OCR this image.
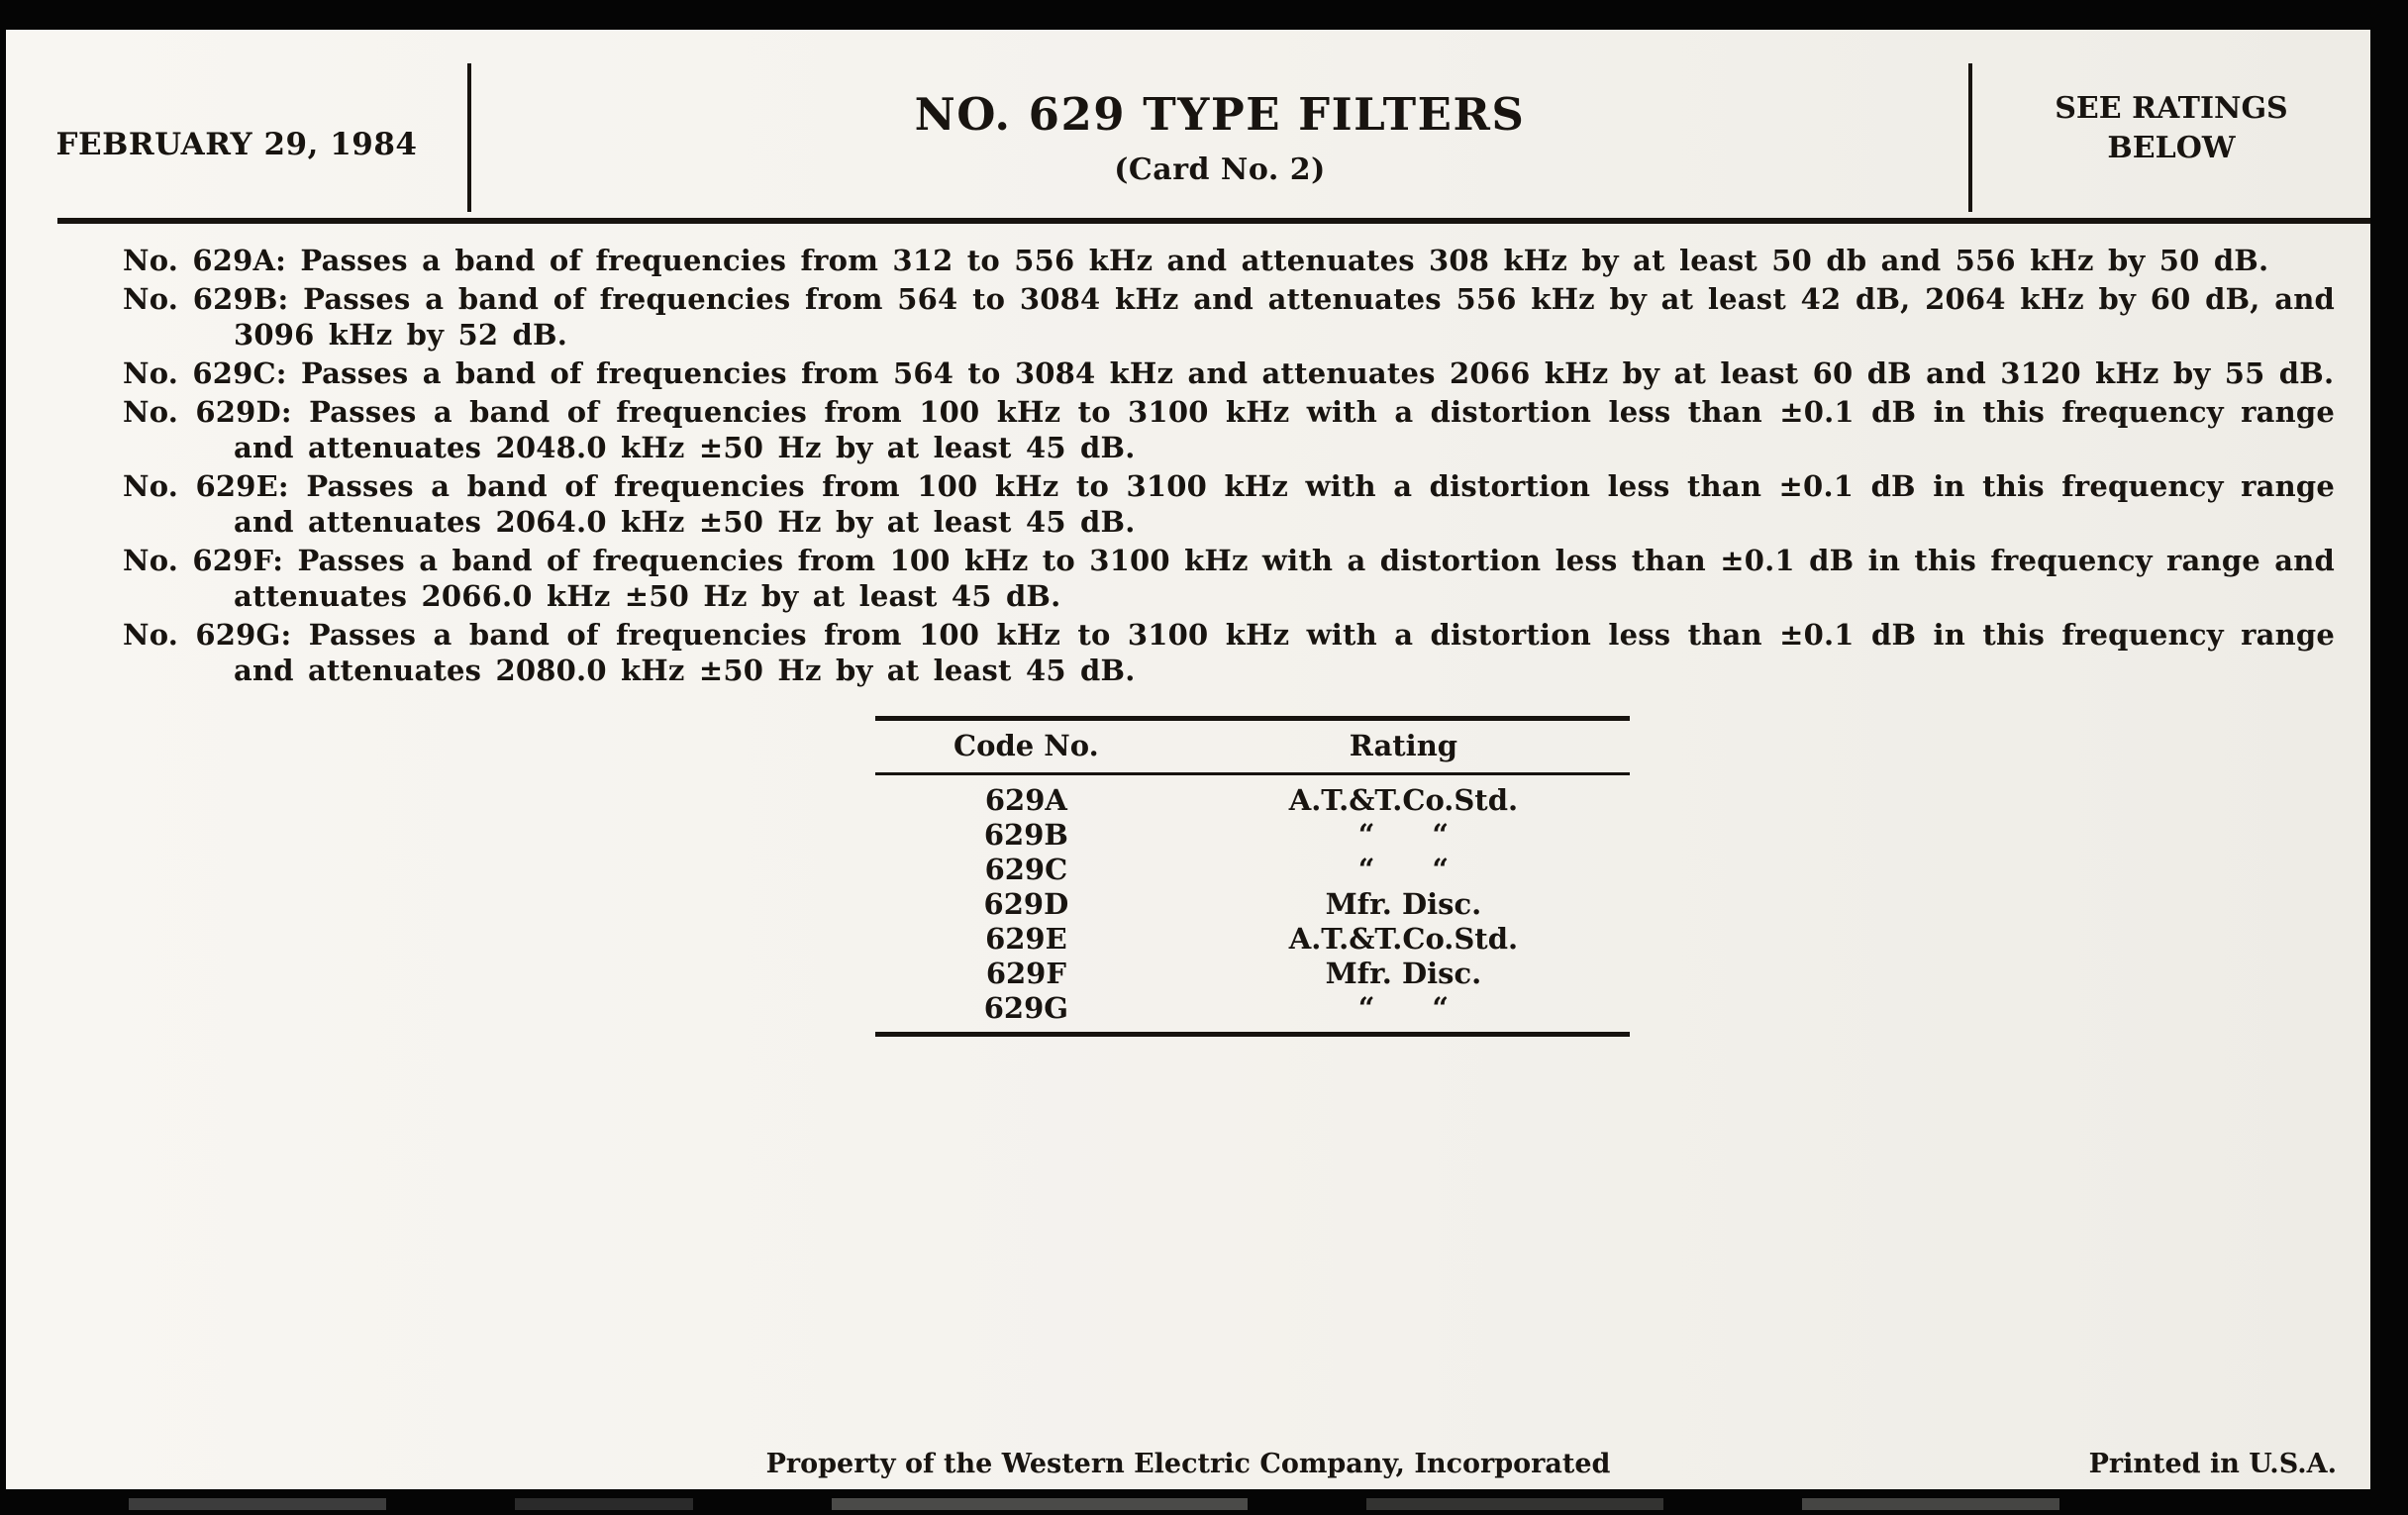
FEBRUARY 29, 1984
NO. 629 TYPE FILTERS
(Card No. 2)
SEE RATINGS
BELOW

No. 629A: Passes a band of frequencies from 312 to 556 kHz and attenuates 308 kHz by at least 50 db and 556 kHz by 50 dB.

No. 629B: Passes a band of frequencies from 564 to 3084 kHz and attenuates 556 kHz by at least 42 dB, 2064 kHz by 60 dB, and 3096 kHz by 52 dB.

No. 629C: Passes a band of frequencies from 564 to 3084 kHz and attenuates 2066 kHz by at least 60 dB and 3120 kHz by 55 dB.

No. 629D: Passes a band of frequencies from 100 kHz to 3100 kHz with a distortion less than ±0.1 dB in this frequency range and attenuates 2048.0 kHz ±50 Hz by at least 45 dB.

No. 629E: Passes a band of frequencies from 100 kHz to 3100 kHz with a distortion less than ±0.1 dB in this frequency range and attenuates 2064.0 kHz ±50 Hz by at least 45 dB.

No. 629F: Passes a band of frequencies from 100 kHz to 3100 kHz with a distortion less than ±0.1 dB in this frequency range and attenuates 2066.0 kHz ±50 Hz by at least 45 dB.

No. 629G: Passes a band of frequencies from 100 kHz to 3100 kHz with a distortion less than ±0.1 dB in this frequency range and attenuates 2080.0 kHz ±50 Hz by at least 45 dB.

Code No.	Rating
629A	A.T.&T.Co.Std.
629B	“  “
629C	“  “
629D	Mfr. Disc.
629E	A.T.&T.Co.Std.
629F	Mfr. Disc.
629G	“  “
Property of the Western Electric Company, Incorporated	Printed in U.S.A.
